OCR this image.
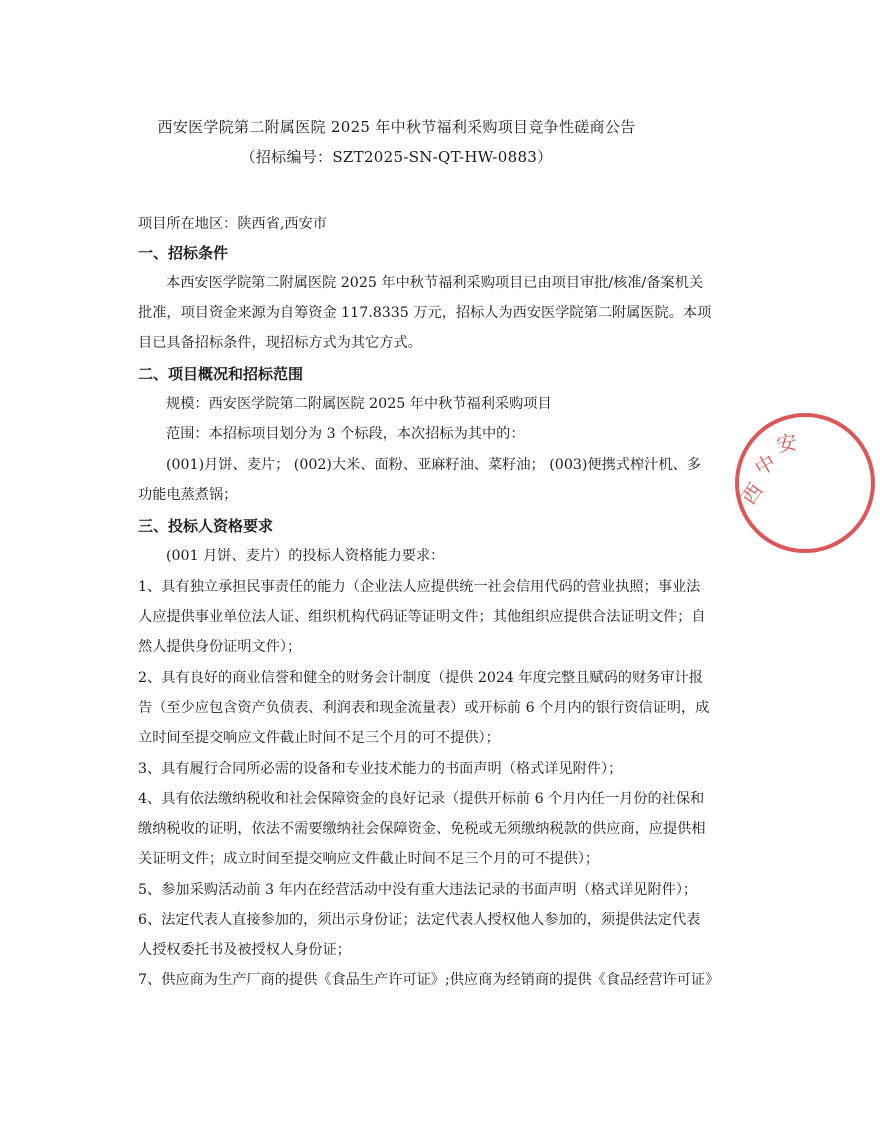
西安医学院第二附属医院 2025 年中秋节福利采购项目竞争性磋商公告
（招标编号：SZT2025-SN-QT-HW-0883）
项目所在地区：陕西省,西安市
一、招标条件
本西安医学院第二附属医院 2025 年中秋节福利采购项目已由项目审批/核准/备案机关
批准，项目资金来源为自筹资金 117.8335 万元，招标人为西安医学院第二附属医院。本项
目已具备招标条件，现招标方式为其它方式。
二、项目概况和招标范围
规模：西安医学院第二附属医院 2025 年中秋节福利采购项目
范围：本招标项目划分为 3 个标段，本次招标为其中的：
(001)月饼、麦片； (002)大米、面粉、亚麻籽油、菜籽油； (003)便携式榨汁机、多
功能电蒸煮锅；
三、投标人资格要求
(001 月饼、麦片）的投标人资格能力要求：
1、具有独立承担民事责任的能力（企业法人应提供统一社会信用代码的营业执照；事业法
人应提供事业单位法人证、组织机构代码证等证明文件；其他组织应提供合法证明文件；自
然人提供身份证明文件）；
2、具有良好的商业信誉和健全的财务会计制度（提供 2024 年度完整且赋码的财务审计报
告（至少应包含资产负债表、利润表和现金流量表）或开标前 6 个月内的银行资信证明，成
立时间至提交响应文件截止时间不足三个月的可不提供）；
3、具有履行合同所必需的设备和专业技术能力的书面声明（格式详见附件）；
4、具有依法缴纳税收和社会保障资金的良好记录（提供开标前 6 个月内任一月份的社保和
缴纳税收的证明，依法不需要缴纳社会保障资金、免税或无须缴纳税款的供应商，应提供相
关证明文件；成立时间至提交响应文件截止时间不足三个月的可不提供）；
5、参加采购活动前 3 年内在经营活动中没有重大违法记录的书面声明（格式详见附件）；
6、法定代表人直接参加的，须出示身份证；法定代表人授权他人参加的，须提供法定代表
人授权委托书及被授权人身份证；
7、供应商为生产厂商的提供《食品生产许可证》;供应商为经销商的提供《食品经营许可证》
西
中
安
